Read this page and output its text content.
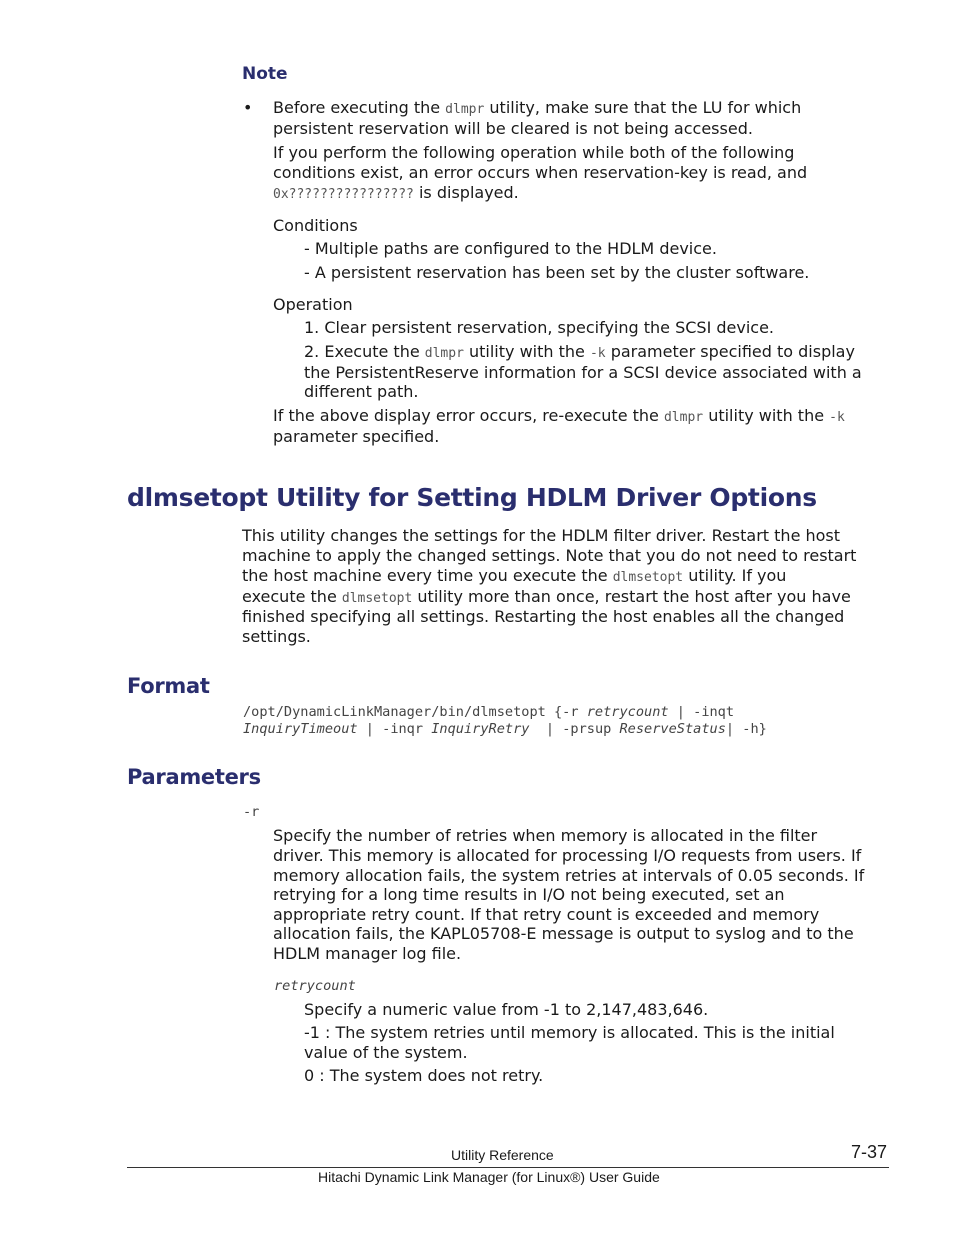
Note
• Before executing the dlmpr utility, make sure that the LU for which
persistent reservation will be cleared is not being accessed.
If you perform the following operation while both of the following
conditions exist, an error occurs when reservation-key is read, and
0x???????????????? is displayed.
Conditions
- Multiple paths are configured to the HDLM device.
- A persistent reservation has been set by the cluster software.
Operation
1. Clear persistent reservation, specifying the SCSI device.
2. Execute the dlmpr utility with the -k parameter specified to display
the PersistentReserve information for a SCSI device associated with a
different path.
If the above display error occurs, re-execute the dlmpr utility with the -k
parameter specified.
dlmsetopt Utility for Setting HDLM Driver Options
This utility changes the settings for the HDLM filter driver. Restart the host
machine to apply the changed settings. Note that you do not need to restart
the host machine every time you execute the dlmsetopt utility. If you
execute the dlmsetopt utility more than once, restart the host after you have
finished specifying all settings. Restarting the host enables all the changed
settings.
Format
/opt/DynamicLinkManager/bin/dlmsetopt {-r retrycount | -inqt
InquiryTimeout | -inqr InquiryRetry  | -prsup ReserveStatus| -h}
Parameters
-r
Specify the number of retries when memory is allocated in the filter
driver. This memory is allocated for processing I/O requests from users. If
memory allocation fails, the system retries at intervals of 0.05 seconds. If
retrying for a long time results in I/O not being executed, set an
appropriate retry count. If that retry count is exceeded and memory
allocation fails, the KAPL05708-E message is output to syslog and to the
HDLM manager log file.
retrycount
Specify a numeric value from -1 to 2,147,483,646.
-1 : The system retries until memory is allocated. This is the initial
value of the system.
0 : The system does not retry.
Utility Reference	7-37
Hitachi Dynamic Link Manager (for Linux®) User Guide
